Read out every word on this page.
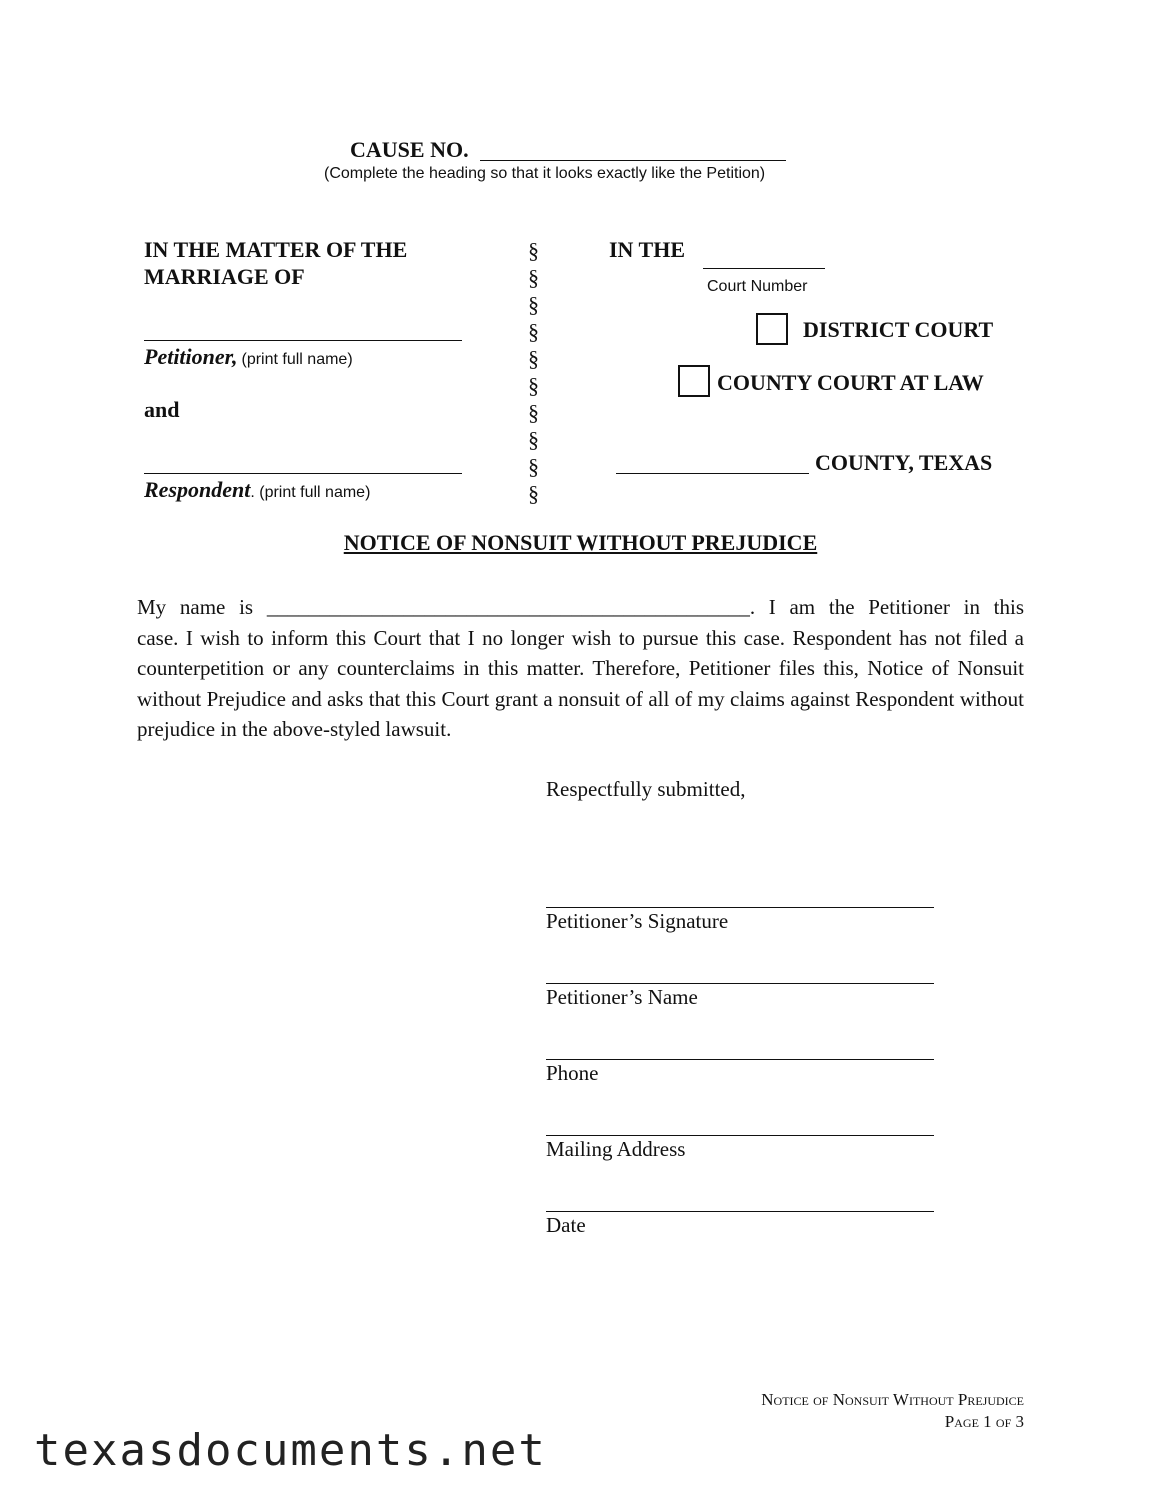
CAUSE NO.
(Complete the heading so that it looks exactly like the Petition)
IN THE MATTER OF THE
MARRIAGE OF
Petitioner, (print full name)
and
Respondent. (print full name)
§
§
§
§
§
§
§
§
§
§
IN THE
Court Number
DISTRICT COURT
COUNTY COURT AT LAW
COUNTY, TEXAS
NOTICE OF NONSUIT WITHOUT PREJUDICE
My name is ______________________________________________. I am the Petitioner in this
case. I wish to inform this Court that I no longer wish to pursue this case. Respondent has not filed a counterpetition or any counterclaims in this matter. Therefore, Petitioner files this, Notice of Nonsuit without Prejudice and asks that this Court grant a nonsuit of all of my claims against Respondent without prejudice in the above-styled lawsuit.
Respectfully submitted,
Petitioner’s Signature
Petitioner’s Name
Phone
Mailing Address
Date
Notice of Nonsuit Without Prejudice
Page 1 of 3
texasdocuments.net
